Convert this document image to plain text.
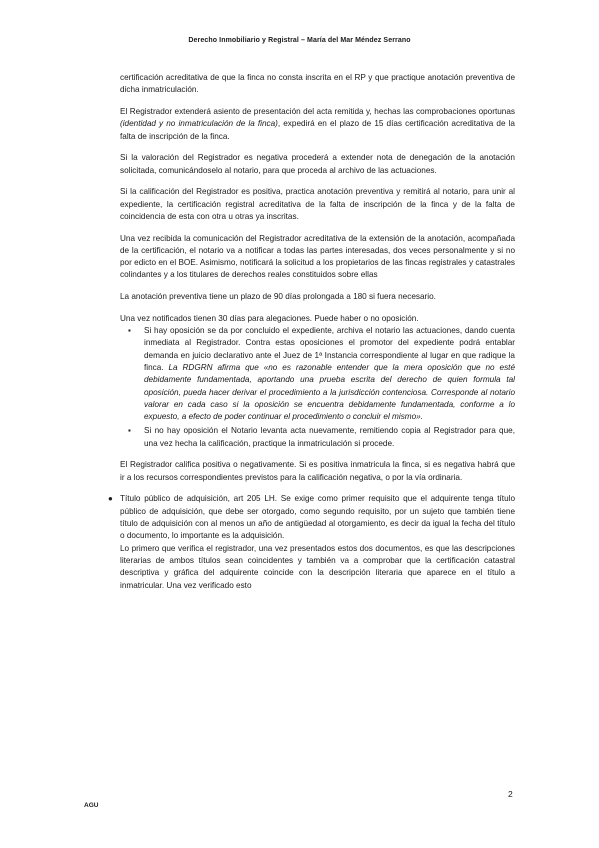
Derecho Inmobiliario y Registral – María del Mar Méndez Serrano

certificación acreditativa de que la finca no consta inscrita en el RP y que practique anotación preventiva de dicha inmatriculación.

El Registrador extenderá asiento de presentación del acta remitida y, hechas las comprobaciones oportunas (identidad y no inmatriculación de la finca), expedirá en el plazo de 15 días certificación acreditativa de la falta de inscripción de la finca.

Si la valoración del Registrador es negativa procederá a extender nota de denegación de la anotación solicitada, comunicándoselo al notario, para que proceda al archivo de las actuaciones.

Si la calificación del Registrador es positiva, practica anotación preventiva y remitirá al notario, para unir al expediente, la certificación registral acreditativa de la falta de inscripción de la finca y de la falta de coincidencia de esta con otra u otras ya inscritas.

Una vez recibida la comunicación del Registrador acreditativa de la extensión de la anotación, acompañada de la certificación, el notario va a notificar a todas las partes interesadas, dos veces personalmente y si no por edicto en el BOE. Asimismo, notificará la solicitud a los propietarios de las fincas registrales y catastrales colindantes y a los titulares de derechos reales constituidos sobre ellas

La anotación preventiva tiene un plazo de 90 días prolongada a 180 si fuera necesario.

Una vez notificados tienen 30 días para alegaciones. Puede haber o no oposición.

▪ Si hay oposición se da por concluido el expediente, archiva el notario las actuaciones, dando cuenta inmediata al Registrador. Contra estas oposiciones el promotor del expediente podrá entablar demanda en juicio declarativo ante el Juez de 1ª Instancia correspondiente al lugar en que radique la finca. La RDGRN afirma que «no es razonable entender que la mera oposición que no esté debidamente fundamentada, aportando una prueba escrita del derecho de quien formula tal oposición, pueda hacer derivar el procedimiento a la jurisdicción contenciosa. Corresponde al notario valorar en cada caso si la oposición se encuentra debidamente fundamentada, conforme a lo expuesto, a efecto de poder continuar el procedimiento o concluir el mismo».
▪ Si no hay oposición el Notario levanta acta nuevamente, remitiendo copia al Registrador para que, una vez hecha la calificación, practique la inmatriculación si procede.

El Registrador califica positiva o negativamente. Si es positiva inmatricula la finca, si es negativa habrá que ir a los recursos correspondientes previstos para la calificación negativa, o por la vía ordinaria.

● Título público de adquisición, art 205 LH. Se exige como primer requisito que el adquirente tenga título público de adquisición, que debe ser otorgado, como segundo requisito, por un sujeto que también tiene título de adquisición con al menos un año de antigüedad al otorgamiento, es decir da igual la fecha del título o documento, lo importante es la adquisición.

Lo primero que verifica el registrador, una vez presentados estos dos documentos, es que las descripciones literarias de ambos títulos sean coincidentes y también va a comprobar que la certificación catastral descriptiva y gráfica del adquirente coincide con la descripción literaria que aparece en el título a inmatricular. Una vez verificado esto

AGU
2
